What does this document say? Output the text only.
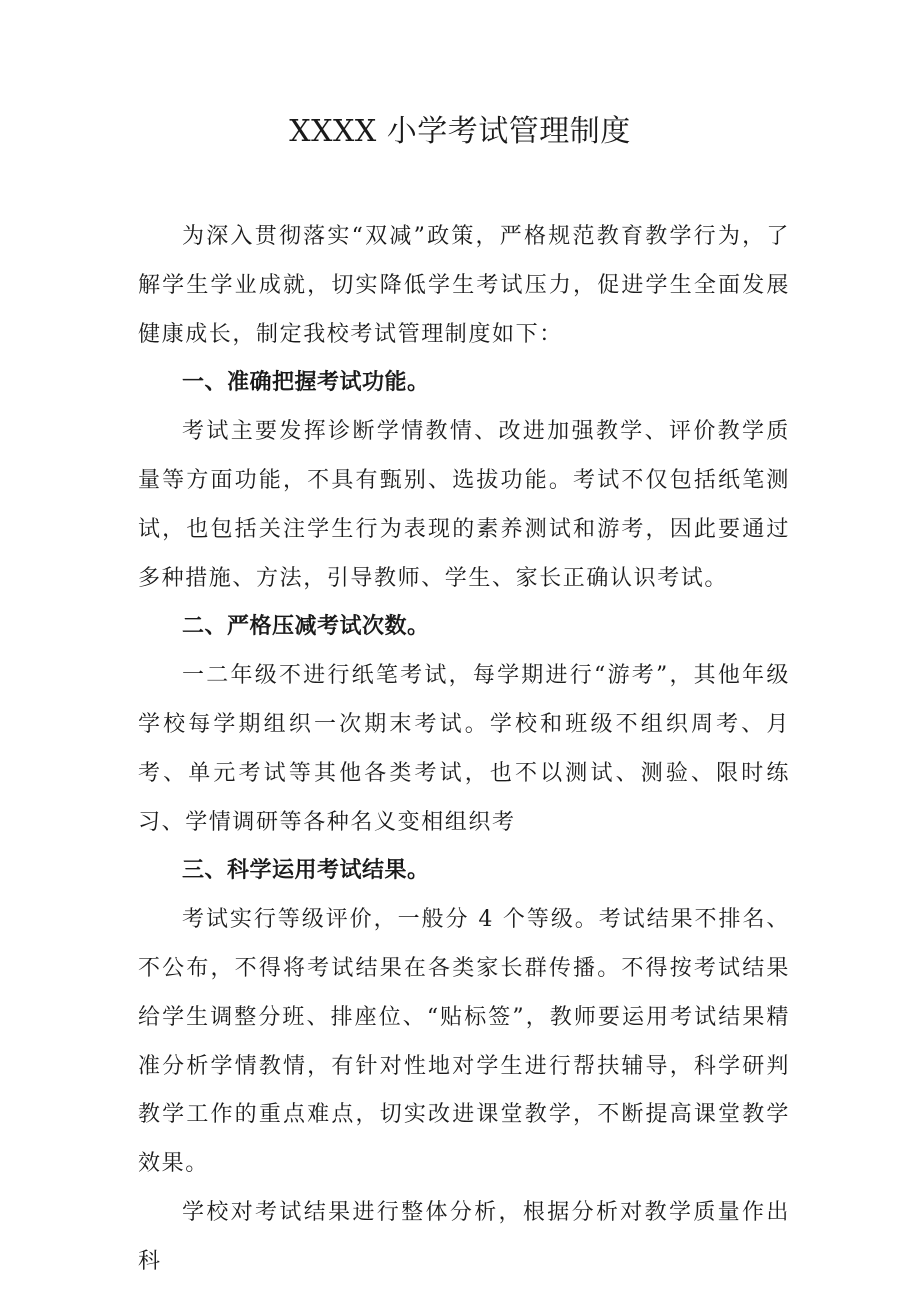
XXXX 小学考试管理制度

为深入贯彻落实“双减”政策，严格规范教育教学行为，了解学生学业成就，切实降低学生考试压力，促进学生全面发展健康成长，制定我校考试管理制度如下：

一、准确把握考试功能。

考试主要发挥诊断学情教情、改进加强教学、评价教学质量等方面功能，不具有甄别、选拔功能。考试不仅包括纸笔测试，也包括关注学生行为表现的素养测试和游考，因此要通过多种措施、方法，引导教师、学生、家长正确认识考试。

二、严格压减考试次数。

一二年级不进行纸笔考试，每学期进行“游考”，其他年级学校每学期组织一次期末考试。学校和班级不组织周考、月考、单元考试等其他各类考试，也不以测试、测验、限时练习、学情调研等各种名义变相组织考

三、科学运用考试结果。

考试实行等级评价，一般分 4 个等级。考试结果不排名、不公布，不得将考试结果在各类家长群传播。不得按考试结果给学生调整分班、排座位、“贴标签”，教师要运用考试结果精准分析学情教情，有针对性地对学生进行帮扶辅导，科学研判教学工作的重点难点，切实改进课堂教学，不断提高课堂教学效果。

学校对考试结果进行整体分析，根据分析对教学质量作出科
